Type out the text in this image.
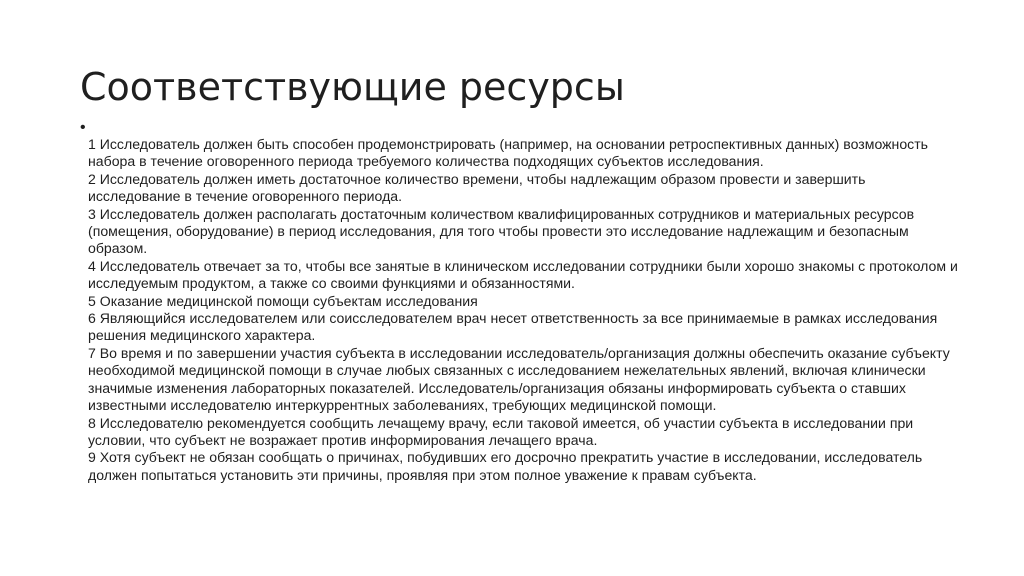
Соответствующие ресурсы
•

1 Исследователь должен быть способен продемонстрировать (например, на основании ретроспективных данных) возможность набора в течение оговоренного периода требуемого количества подходящих субъектов исследования.

2 Исследователь должен иметь достаточное количество времени, чтобы надлежащим образом провести и завершить исследование в течение оговоренного периода.

3 Исследователь должен располагать достаточным количеством квалифицированных сотрудников и материальных ресурсов (помещения, оборудование) в период исследования, для того чтобы провести это исследование надлежащим и безопасным образом.

4 Исследователь отвечает за то, чтобы все занятые в клиническом исследовании сотрудники были хорошо знакомы с протоколом и исследуемым продуктом, а также со своими функциями и обязанностями.

5 Оказание медицинской помощи субъектам исследования

6 Являющийся исследователем или соисследователем врач несет ответственность за все принимаемые в рамках исследования решения медицинского характера.

7 Во время и по завершении участия субъекта в исследовании исследователь/организация должны обеспечить оказание субъекту необходимой медицинской помощи в случае любых связанных с исследованием нежелательных явлений, включая клинически значимые изменения лабораторных показателей. Исследователь/организация обязаны информировать субъекта о ставших известными исследователю интеркуррентных заболеваниях, требующих медицинской помощи.

8 Исследователю рекомендуется сообщить лечащему врачу, если таковой имеется, об участии субъекта в исследовании при условии, что субъект не возражает против информирования лечащего врача.

9 Хотя субъект не обязан сообщать о причинах, побудивших его досрочно прекратить участие в исследовании, исследователь должен попытаться установить эти причины, проявляя при этом полное уважение к правам субъекта.
